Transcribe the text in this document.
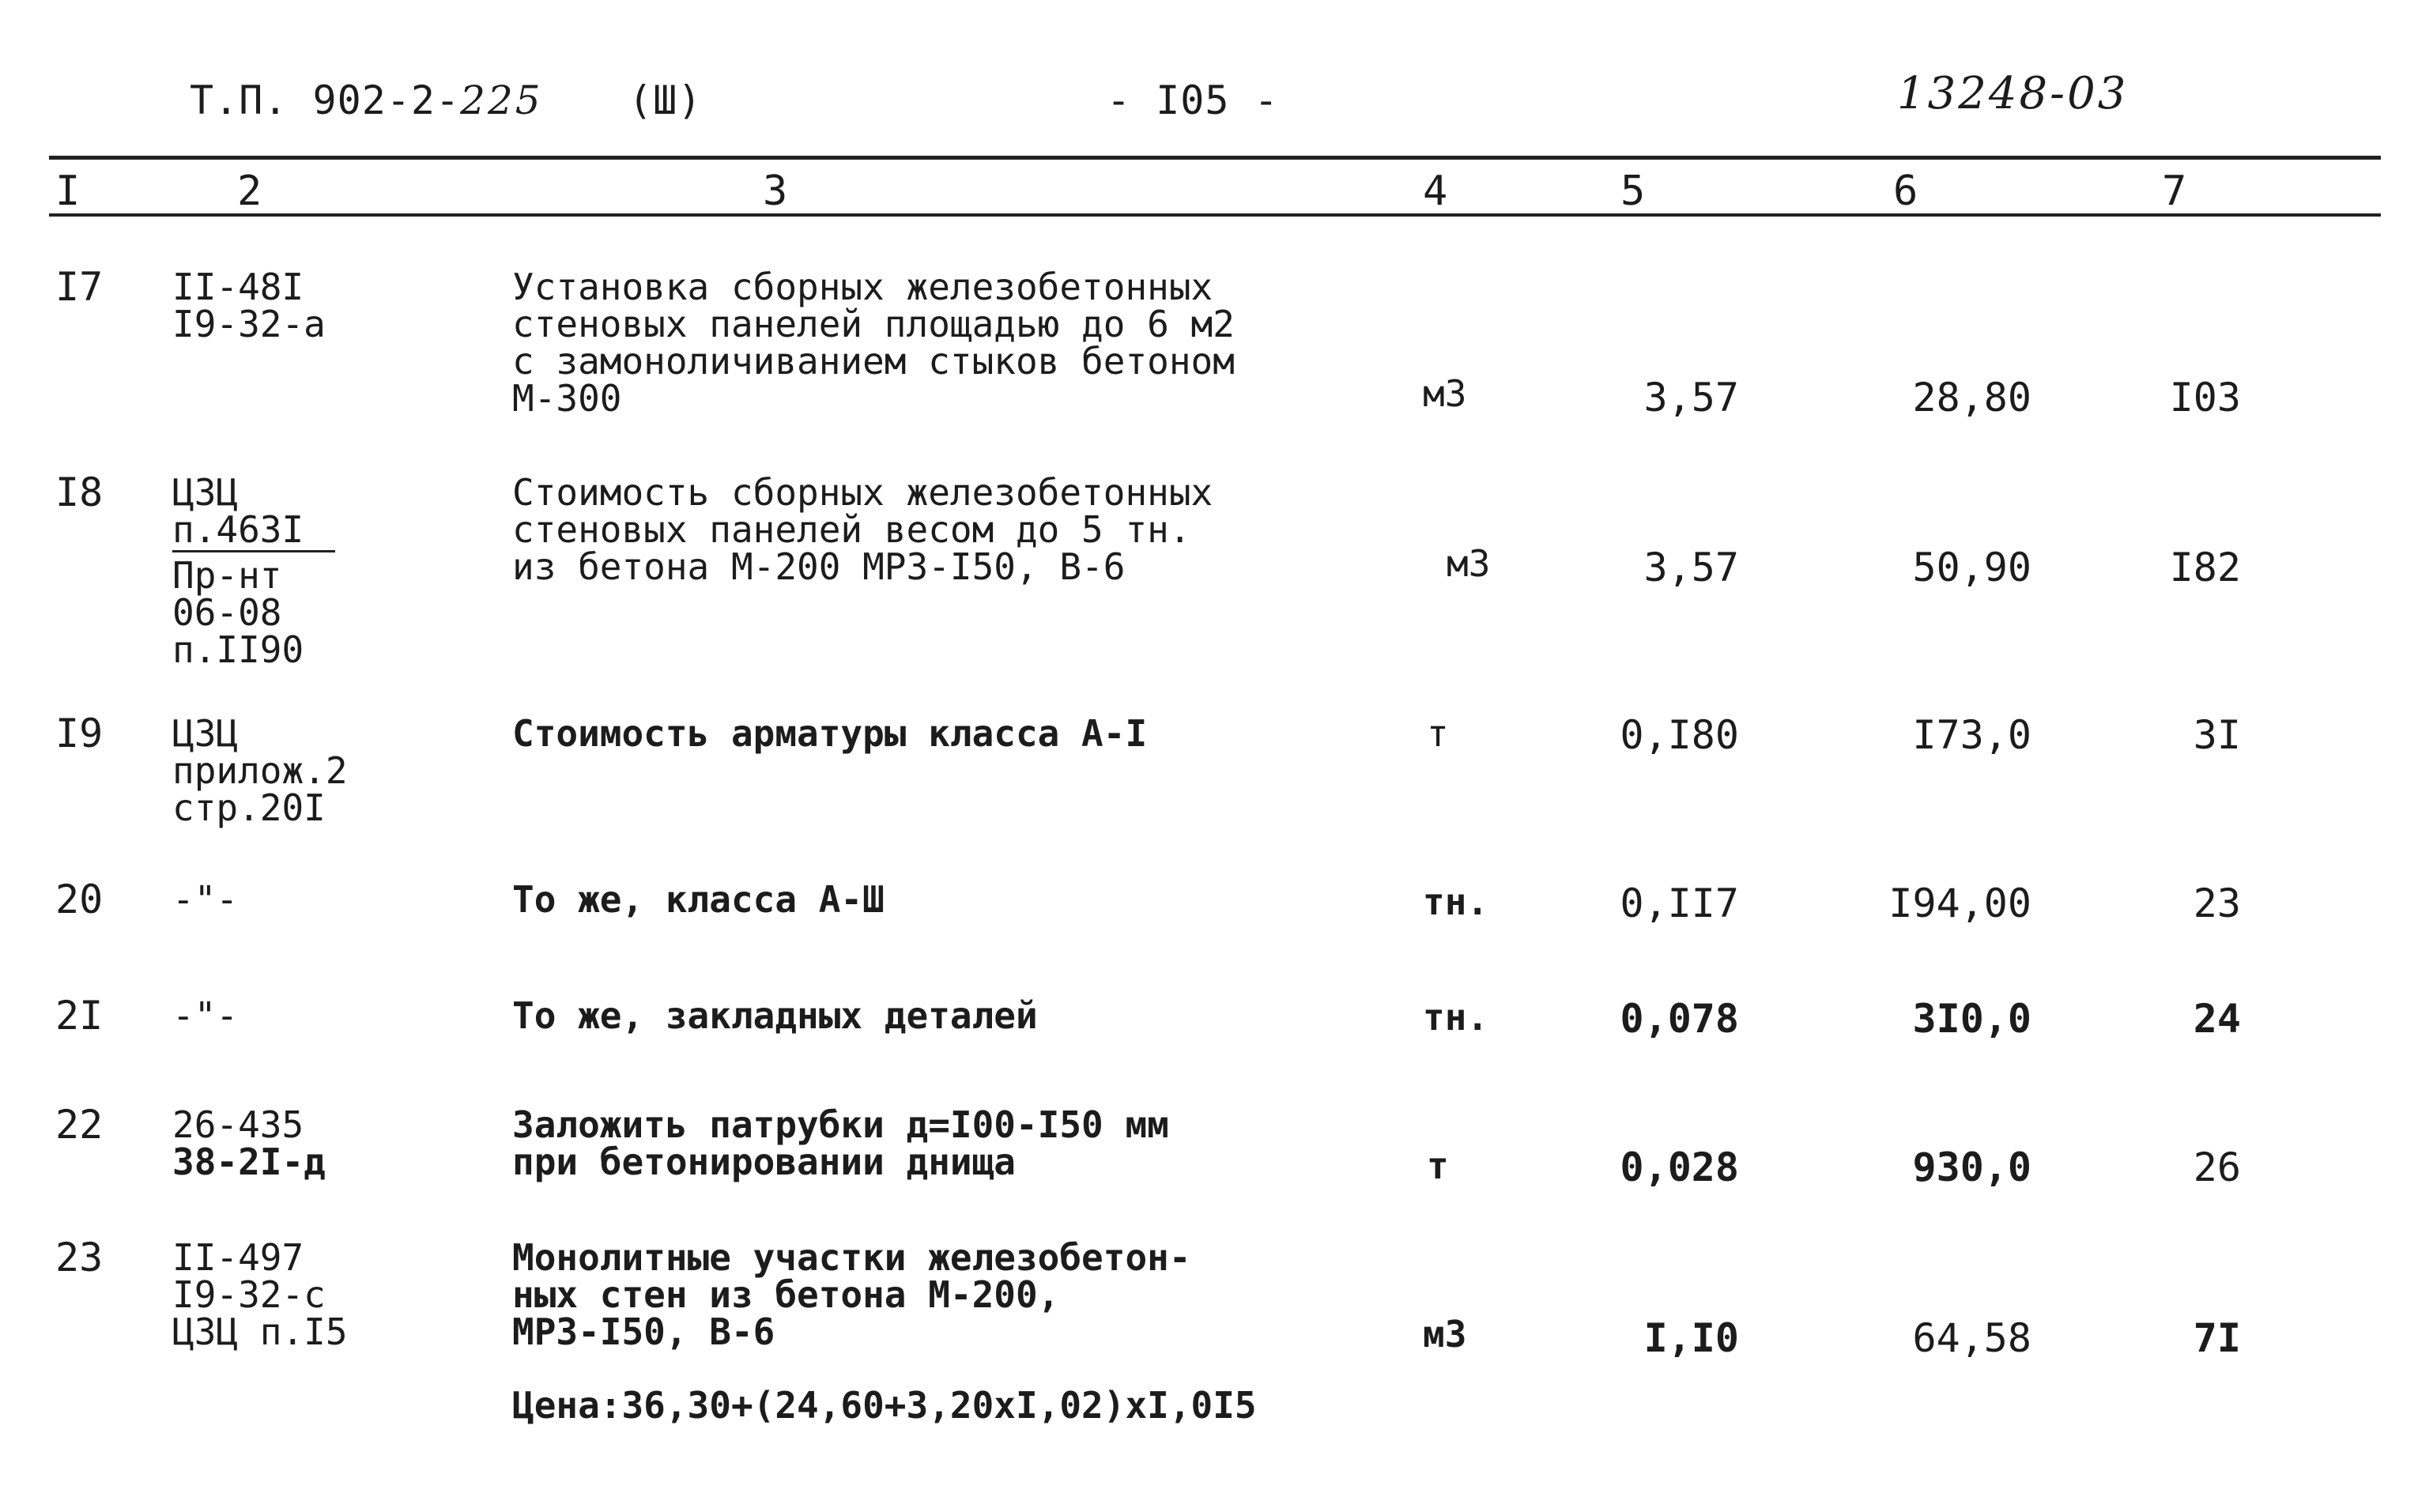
Т.П. 902-2-225 (Ш)	- I05 -	13248-03
I	2	3	4	5	6	7
I7 II-48I
I9-32-а
Установка сборных железобетонных
стеновых панелей площадью до 6 м2
с замоноличиванием стыков бетоном
М-300	м3	3,57	28,80	I03
I8 ЦЗЦ
п.463I
Пр-нт
06-08
п.II90
Стоимость сборных железобетонных
стеновых панелей весом до 5 тн.
из бетона М-200 МРЗ-I50, В-6	м3	3,57	50,90	I82
I9 ЦЗЦ
прилож.2
стр.20I
Стоимость арматуры класса А-I	т	0,I80	I73,0	3I
20 -"-	То же, класса А-Ш	тн.	0,II7	I94,00	23
2I -"-	То же, закладных деталей	тн.	0,078	3I0,0	24
22 26-435
38-2I-д
Заложить патрубки д=I00-I50 мм
при бетонировании днища	т	0,028	930,0	26
23 II-497
I9-32-с
ЦЗЦ п.I5
Монолитные участки железобетон-
ных стен из бетона М-200,
МРЗ-I50, В-6	м3	I,I0	64,58	7I
Цена:36,30+(24,60+3,20хI,02)хI,0I5
